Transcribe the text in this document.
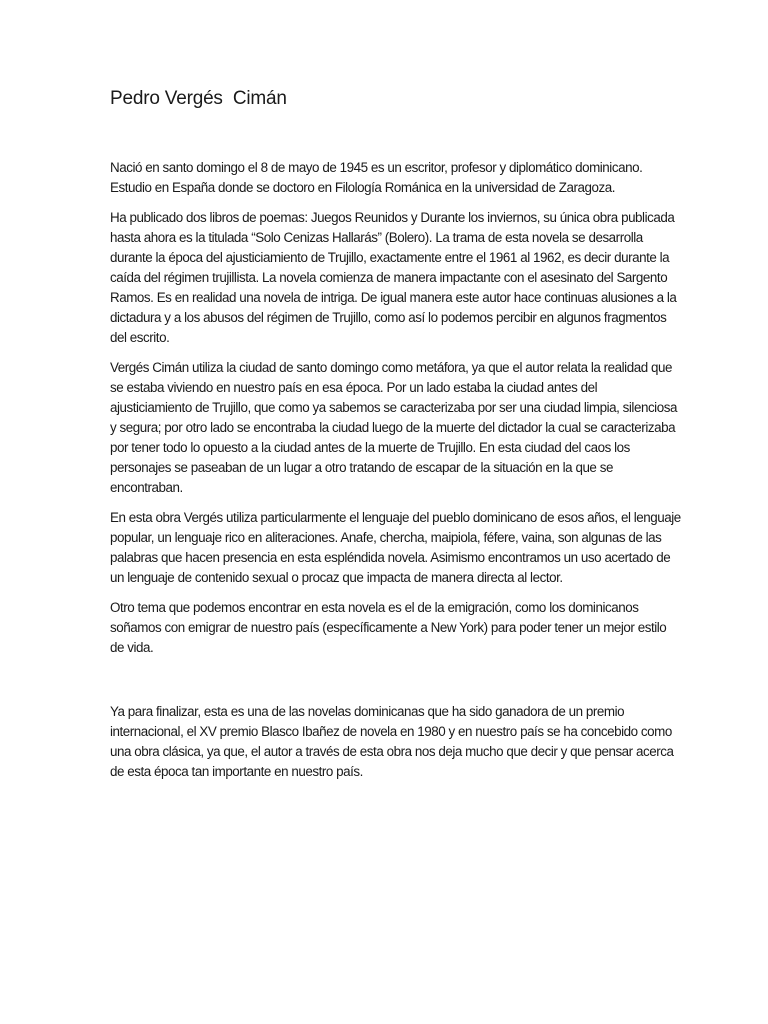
Pedro Vergés  Cimán

Nació en santo domingo el 8 de mayo de 1945 es un escritor, profesor y diplomático dominicano. Estudio en España donde se doctoro en Filología Románica en la universidad de Zaragoza.

Ha publicado dos libros de poemas: Juegos Reunidos y Durante los inviernos, su única obra publicada hasta ahora es la titulada “Solo Cenizas Hallarás” (Bolero). La trama de esta novela se desarrolla durante la época del ajusticiamiento de Trujillo, exactamente entre el 1961 al 1962, es decir durante la caída del régimen trujillista. La novela comienza de manera impactante con el asesinato del Sargento Ramos. Es en realidad una novela de intriga. De igual manera este autor hace continuas alusiones a la dictadura y a los abusos del régimen de Trujillo, como así lo podemos percibir en algunos fragmentos del escrito.

Vergés Cimán utiliza la ciudad de santo domingo como metáfora, ya que el autor relata la realidad que se estaba viviendo en nuestro país en esa época. Por un lado estaba la ciudad antes del ajusticiamiento de Trujillo, que como ya sabemos se caracterizaba por ser una ciudad limpia, silenciosa y segura; por otro lado se encontraba la ciudad luego de la muerte del dictador la cual se caracterizaba por tener todo lo opuesto a la ciudad antes de la muerte de Trujillo. En esta ciudad del caos los personajes se paseaban de un lugar a otro tratando de escapar de la situación en la que se encontraban.

En esta obra Vergés utiliza particularmente el lenguaje del pueblo dominicano de esos años, el lenguaje popular, un lenguaje rico en aliteraciones. Anafe, chercha, maipiola, féfere, vaina, son algunas de las palabras que hacen presencia en esta espléndida novela. Asimismo encontramos un uso acertado de un lenguaje de contenido sexual o procaz que impacta de manera directa al lector.

Otro tema que podemos encontrar en esta novela es el de la emigración, como los dominicanos soñamos con emigrar de nuestro país (específicamente a New York) para poder tener un mejor estilo de vida.

Ya para finalizar, esta es una de las novelas dominicanas que ha sido ganadora de un premio internacional, el XV premio Blasco Ibañez de novela en 1980 y en nuestro país se ha concebido como una obra clásica, ya que, el autor a través de esta obra nos deja mucho que decir y que pensar acerca de esta época tan importante en nuestro país.
